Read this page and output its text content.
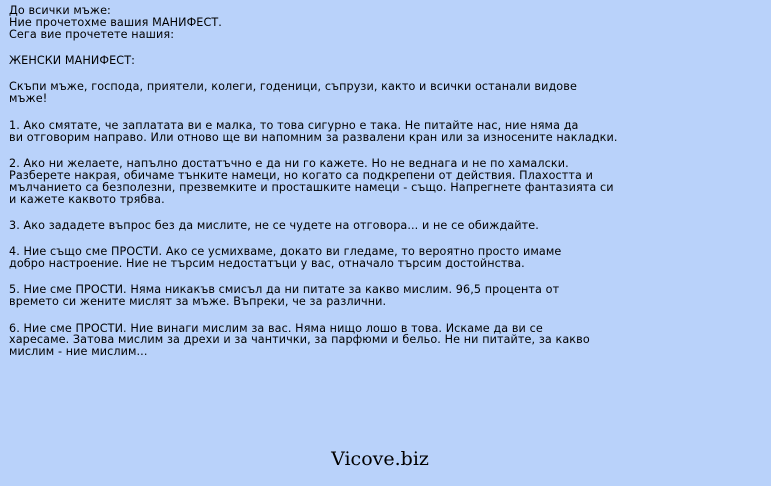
До всички мъже:
Ние прочетохме вашия МАНИФЕСТ.
Сега вие прочетете нашия:
ЖЕНСКИ МАНИФЕСТ:
Скъпи мъже, господа, приятели, колеги, годеници, съпрузи, както и всички останали видове
мъже!
1. Ако смятате, че заплатата ви е малка, то това сигурно е така. Не питайте нас, ние няма да
ви отговорим направо. Или отново ще ви напомним за развалени кран или за износените накладки.
2. Ако ни желаете, напълно достатъчно е да ни го кажете. Но не веднага и не по хамалски.
Разберете накрая, обичаме тънките намеци, но когато са подкрепени от действия. Плахостта и
мълчанието са безполезни, презвемките и просташките намеци - също. Напрегнете фантазията си
и кажете каквото трябва.
3. Ако зададете въпрос без да мислите, не се чудете на отговора... и не се обиждайте.
4. Ние също сме ПРОСТИ. Ако се усмихваме, докато ви гледаме, то вероятно просто имаме
добро настроение. Ние не търсим недостатъци у вас, отначало търсим достойнства.
5. Ние сме ПРОСТИ. Няма никакъв смисъл да ни питате за какво мислим. 96,5 процента от
времето си жените мислят за мъже. Въпреки, че за различни.
6. Ние сме ПРОСТИ. Ние винаги мислим за вас. Няма нищо лошо в това. Искаме да ви се
харесаме. Затова мислим за дрехи и за чантички, за парфюми и бельо. Не ни питайте, за какво
мислим - ние мислим...
Vicove.biz
